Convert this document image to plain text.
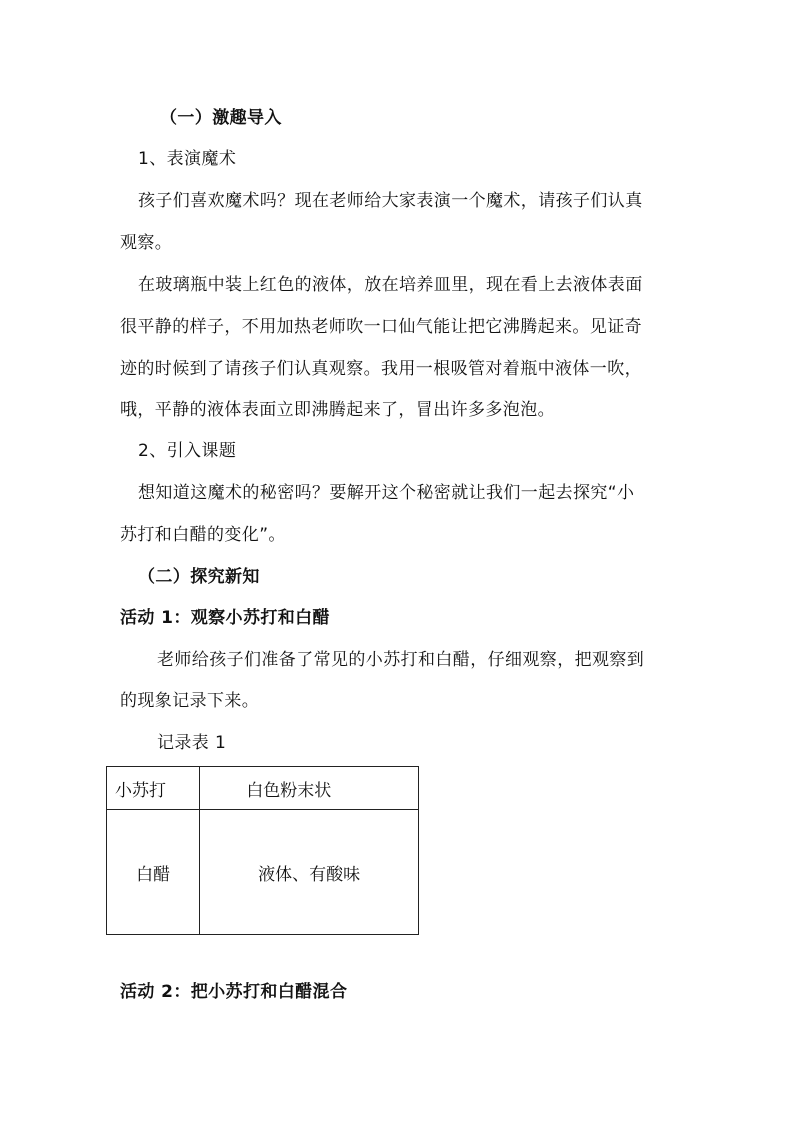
（一）激趣导入
1、表演魔术
孩子们喜欢魔术吗？现在老师给大家表演一个魔术，请孩子们认真
观察。
在玻璃瓶中装上红色的液体，放在培养皿里，现在看上去液体表面
很平静的样子，不用加热老师吹一口仙气能让把它沸腾起来。见证奇
迹的时候到了请孩子们认真观察。我用一根吸管对着瓶中液体一吹，
哦，平静的液体表面立即沸腾起来了，冒出许多多泡泡。
2、引入课题
想知道这魔术的秘密吗？要解开这个秘密就让我们一起去探究“小
苏打和白醋的变化”。
（二）探究新知
活动 1：观察小苏打和白醋
老师给孩子们准备了常见的小苏打和白醋，仔细观察，把观察到
的现象记录下来。
记录表 1
小苏打	白色粉末状
白醋	液体、有酸味
活动 2：把小苏打和白醋混合
